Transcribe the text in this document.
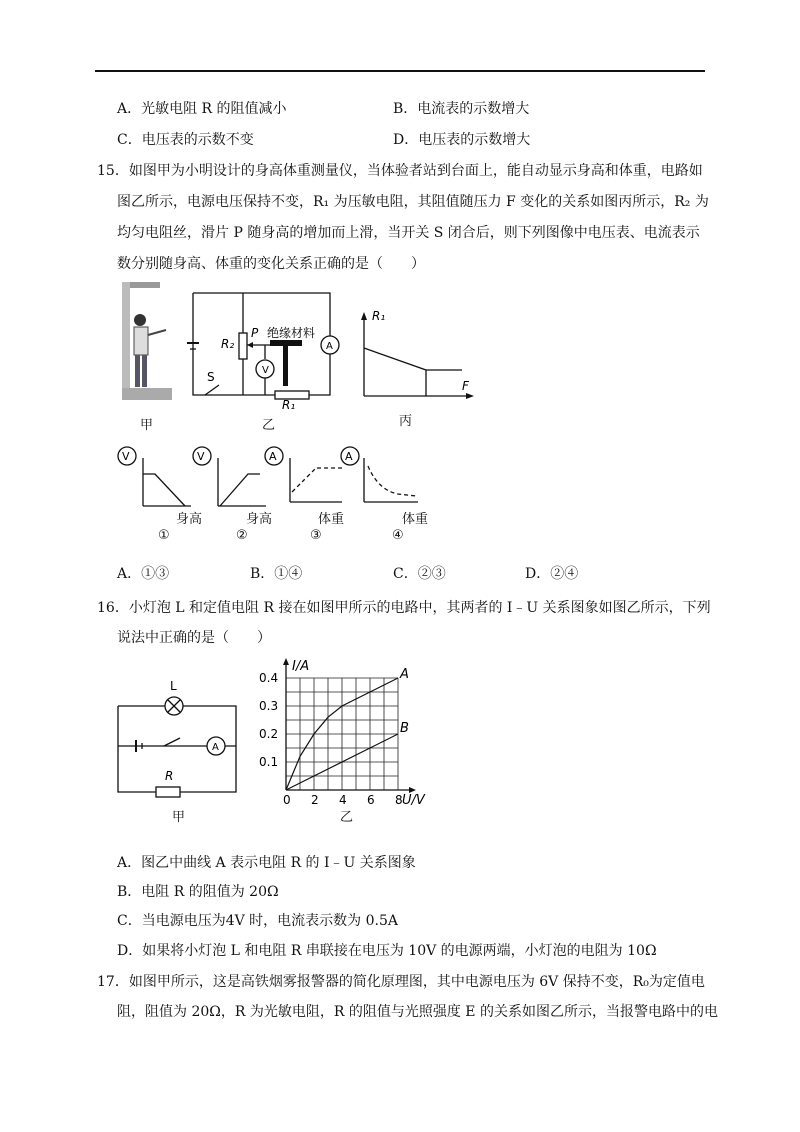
A．光敏电阻 R 的阻值减小	B．电流表的示数增大
C．电压表的示数不变	D．电压表的示数增大
15．如图甲为小明设计的身高体重测量仪，当体验者站到台面上，能自动显示身高和体重，电路如
图乙所示，电源电压保持不变，R₁ 为压敏电阻，其阻值随压力 F 变化的关系如图丙所示，R₂ 为
均匀电阻丝，滑片 P 随身高的增加而上滑，当开关 S 闭合后，则下列图像中电压表、电流表示
数分别随身高、体重的变化关系正确的是（　　）
甲
P
R₂
绝缘材料
V
A
S
R₁
乙
R₁
F
丙
V	V	A	A
身高	身高	体重	体重
①	②	③	④
A．①③	B．①④	C．②③	D．②④
16．小灯泡 L 和定值电阻 R 接在如图甲所示的电路中，其两者的 I﹣U 关系图象如图乙所示，下列
说法中正确的是（　　）
L
A
R
甲
I/A
U/V
0 2 4 6 8
0.1
0.2
0.3
0.4	A
B
乙
A．图乙中曲线 A 表示电阻 R 的 I﹣U 关系图象
B．电阻 R 的阻值为 20Ω
C．当电源电压为4V 时，电流表示数为 0.5A
D．如果将小灯泡 L 和电阻 R 串联接在电压为 10V 的电源两端，小灯泡的电阻为 10Ω
17．如图甲所示，这是高铁烟雾报警器的简化原理图，其中电源电压为 6V 保持不变，R₀为定值电
阻，阻值为 20Ω，R 为光敏电阻，R 的阻值与光照强度 E 的关系如图乙所示，当报警电路中的电
